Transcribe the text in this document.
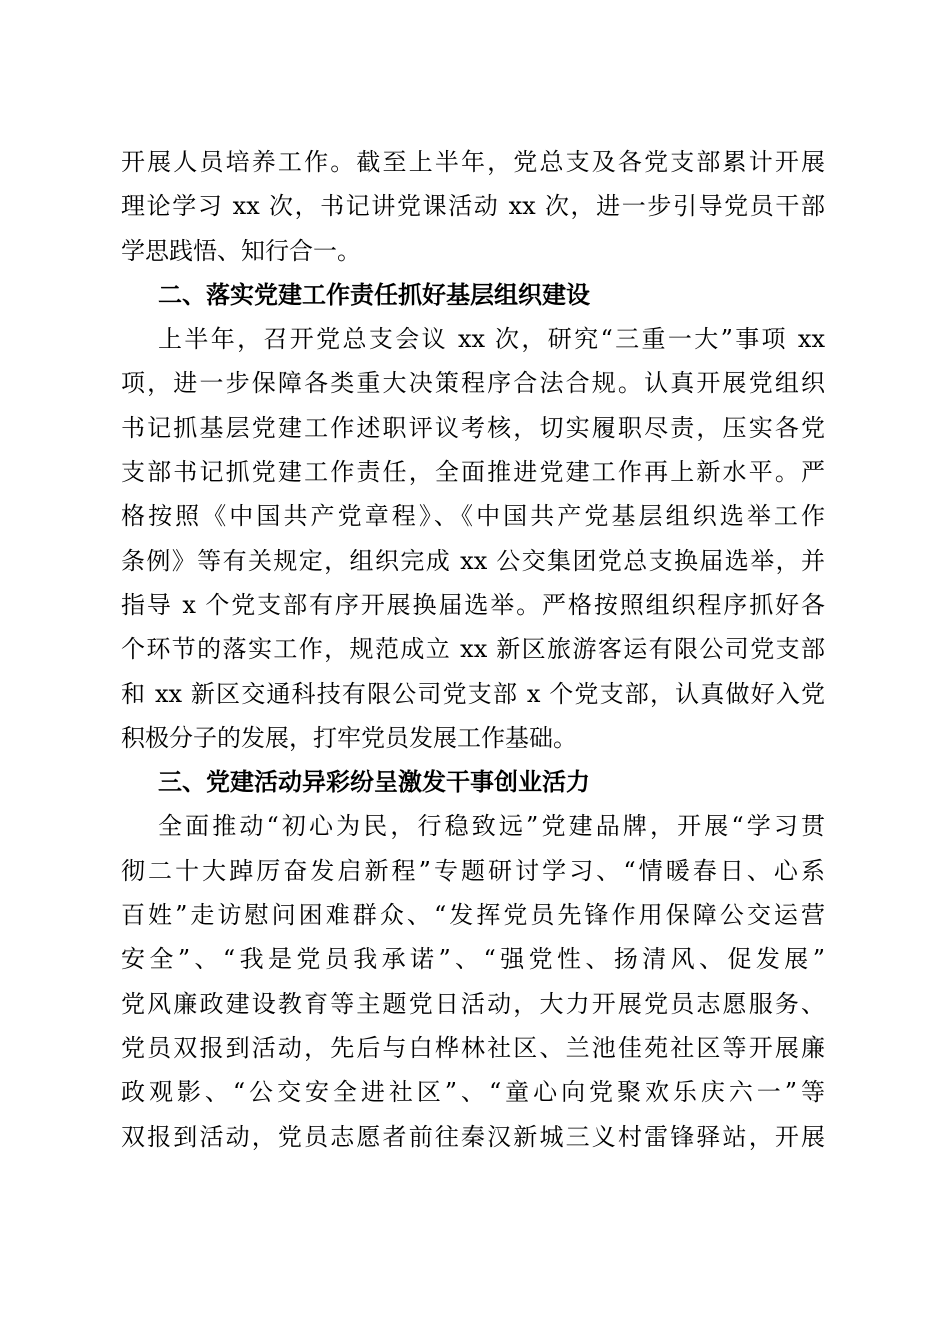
开展人员培养工作。截至上半年，党总支及各党支部累计开展
理论学习 xx 次，书记讲党课活动 xx 次，进一步引导党员干部
学思践悟、知行合一。
二、落实党建工作责任抓好基层组织建设
上半年，召开党总支会议 xx 次，研究“三重一大”事项 xx
项，进一步保障各类重大决策程序合法合规。认真开展党组织
书记抓基层党建工作述职评议考核，切实履职尽责，压实各党
支部书记抓党建工作责任，全面推进党建工作再上新水平。严
格按照《中国共产党章程》、《中国共产党基层组织选举工作
条例》等有关规定，组织完成 xx 公交集团党总支换届选举，并
指导 x 个党支部有序开展换届选举。严格按照组织程序抓好各
个环节的落实工作，规范成立 xx 新区旅游客运有限公司党支部
和 xx 新区交通科技有限公司党支部 x 个党支部，认真做好入党
积极分子的发展，打牢党员发展工作基础。
三、党建活动异彩纷呈激发干事创业活力
全面推动“初心为民，行稳致远”党建品牌，开展“学习贯
彻二十大踔厉奋发启新程”专题研讨学习、“情暖春日、心系
百姓”走访慰问困难群众、“发挥党员先锋作用保障公交运营
安全”、“我是党员我承诺”、“强党性、扬清风、促发展”
党风廉政建设教育等主题党日活动，大力开展党员志愿服务、
党员双报到活动，先后与白桦林社区、兰池佳苑社区等开展廉
政观影、“公交安全进社区”、“童心向党聚欢乐庆六一”等
双报到活动，党员志愿者前往秦汉新城三义村雷锋驿站，开展
